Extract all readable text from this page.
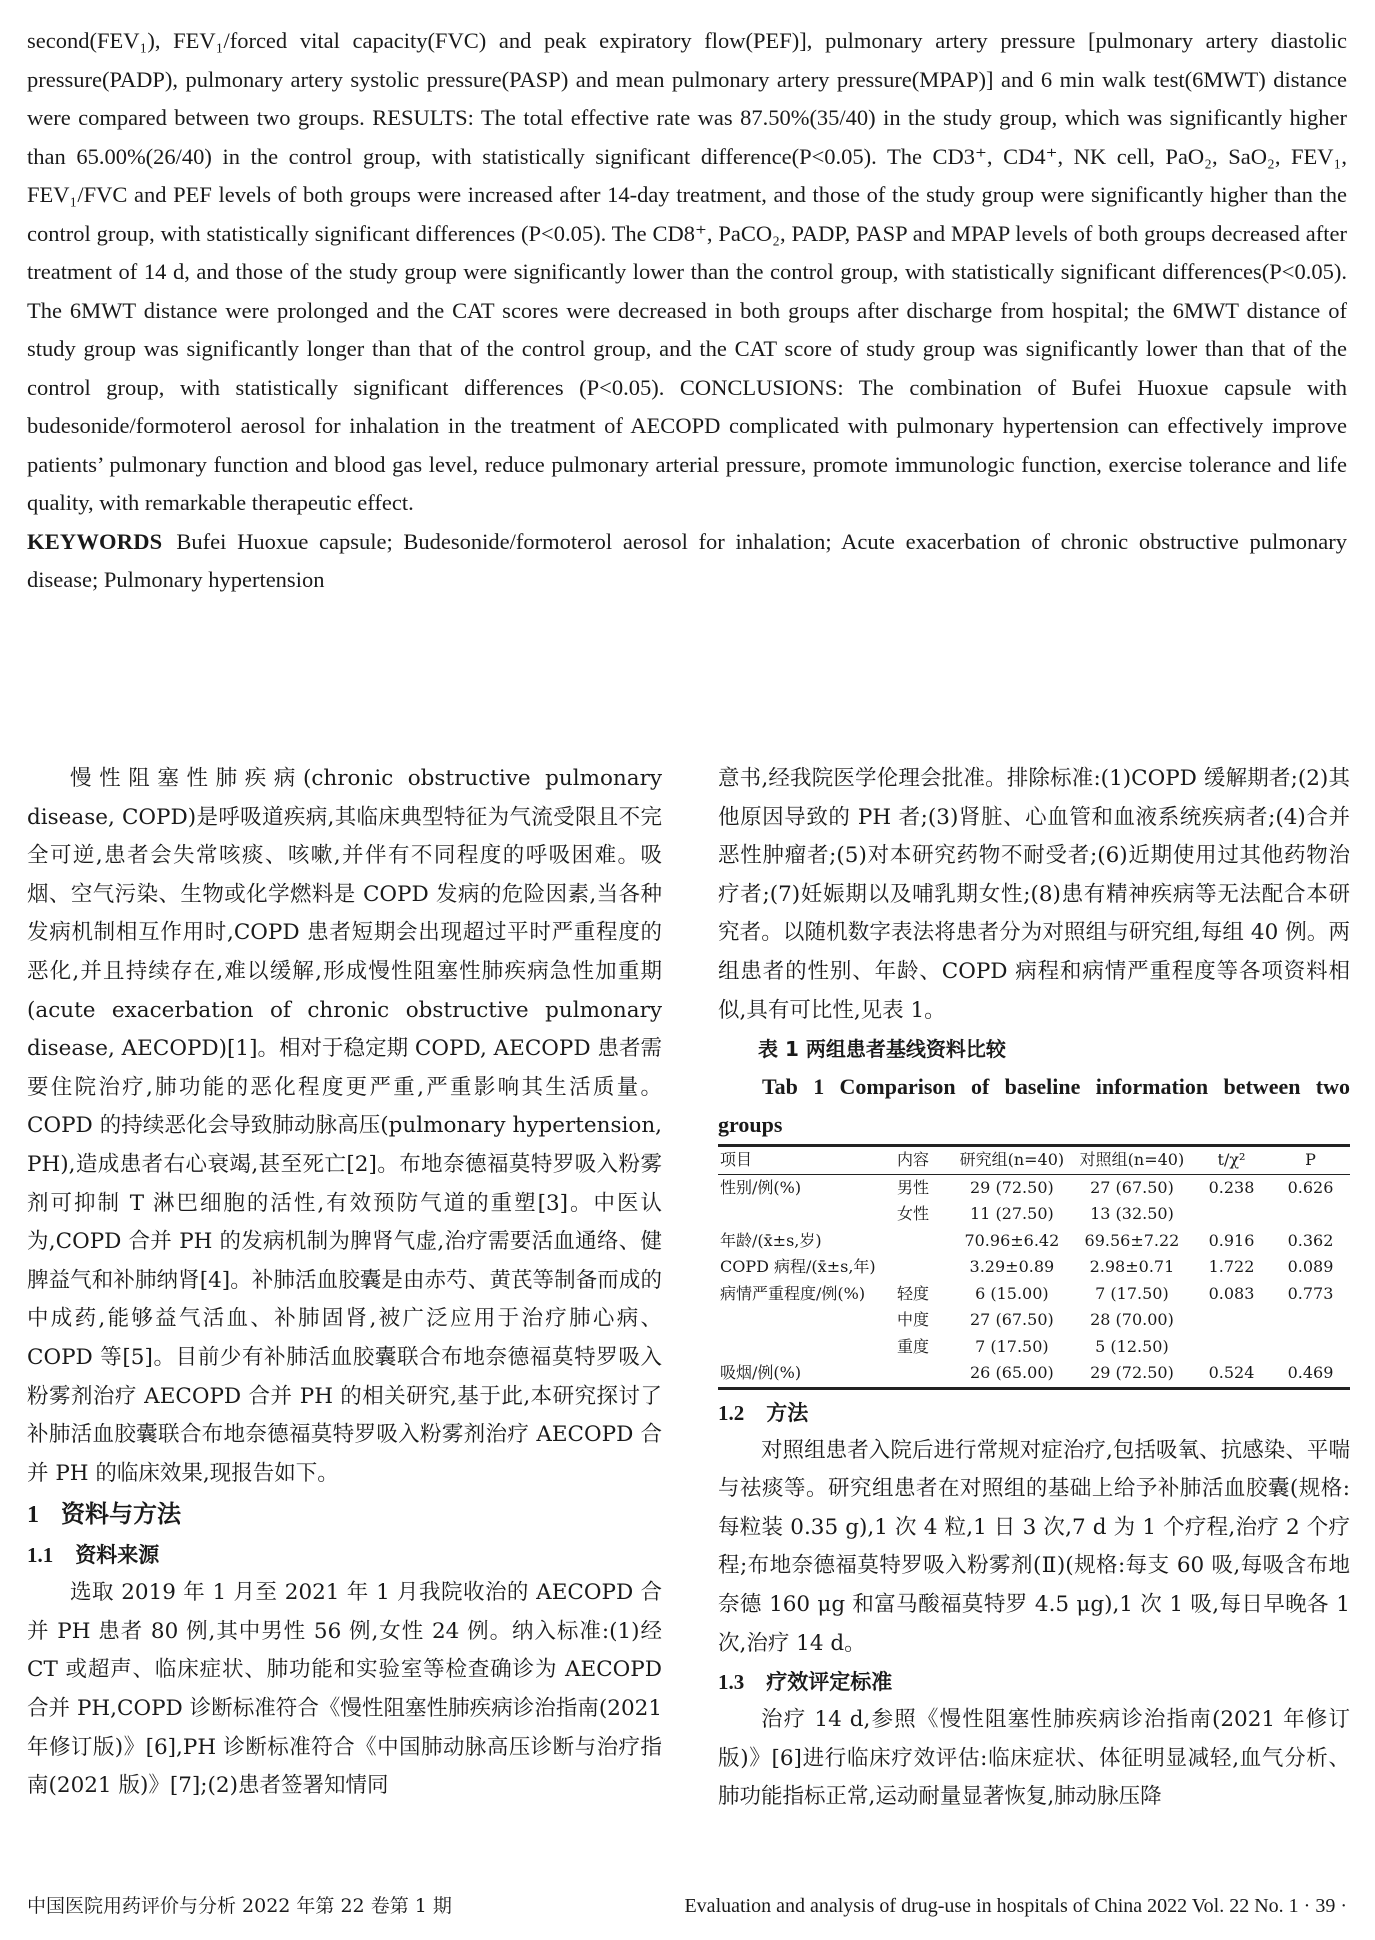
second(FEV₁), FEV₁/forced vital capacity(FVC) and peak expiratory flow(PEF)], pulmonary artery pressure [pulmonary artery diastolic pressure(PADP), pulmonary artery systolic pressure(PASP) and mean pulmonary artery pressure(MPAP)] and 6 min walk test(6MWT) distance were compared between two groups. RESULTS: The total effective rate was 87.50%(35/40) in the study group, which was significantly higher than 65.00%(26/40) in the control group, with statistically significant difference(P<0.05). The CD3⁺, CD4⁺, NK cell, PaO₂, SaO₂, FEV₁, FEV₁/FVC and PEF levels of both groups were increased after 14-day treatment, and those of the study group were significantly higher than the control group, with statistically significant differences (P<0.05). The CD8⁺, PaCO₂, PADP, PASP and MPAP levels of both groups decreased after treatment of 14 d, and those of the study group were significantly lower than the control group, with statistically significant differences(P<0.05). The 6MWT distance were prolonged and the CAT scores were decreased in both groups after discharge from hospital; the 6MWT distance of study group was significantly longer than that of the control group, and the CAT score of study group was significantly lower than that of the control group, with statistically significant differences (P<0.05). CONCLUSIONS: The combination of Bufei Huoxue capsule with budesonide/formoterol aerosol for inhalation in the treatment of AECOPD complicated with pulmonary hypertension can effectively improve patients’ pulmonary function and blood gas level, reduce pulmonary arterial pressure, promote immunologic function, exercise tolerance and life quality, with remarkable therapeutic effect.

KEYWORDS Bufei Huoxue capsule; Budesonide/formoterol aerosol for inhalation; Acute exacerbation of chronic obstructive pulmonary disease; Pulmonary hypertension

慢性阻塞性肺疾病(chronic obstructive pulmonary disease, COPD)是呼吸道疾病,其临床典型特征为气流受限且不完全可逆,患者会失常咳痰、咳嗽,并伴有不同程度的呼吸困难。吸烟、空气污染、生物或化学燃料是 COPD 发病的危险因素,当各种发病机制相互作用时,COPD 患者短期会出现超过平时严重程度的恶化,并且持续存在,难以缓解,形成慢性阻塞性肺疾病急性加重期(acute exacerbation of chronic obstructive pulmonary disease, AECOPD)[1]。相对于稳定期 COPD, AECOPD 患者需要住院治疗,肺功能的恶化程度更严重,严重影响其生活质量。COPD 的持续恶化会导致肺动脉高压(pulmonary hypertension, PH),造成患者右心衰竭,甚至死亡[2]。布地奈德福莫特罗吸入粉雾剂可抑制 T 淋巴细胞的活性,有效预防气道的重塑[3]。中医认为,COPD 合并 PH 的发病机制为脾肾气虚,治疗需要活血通络、健脾益气和补肺纳肾[4]。补肺活血胶囊是由赤芍、黄芪等制备而成的中成药,能够益气活血、补肺固肾,被广泛应用于治疗肺心病、COPD 等[5]。目前少有补肺活血胶囊联合布地奈德福莫特罗吸入粉雾剂治疗 AECOPD 合并 PH 的相关研究,基于此,本研究探讨了补肺活血胶囊联合布地奈德福莫特罗吸入粉雾剂治疗 AECOPD 合并 PH 的临床效果,现报告如下。

1 资料与方法
1.1 资料来源

选取 2019 年 1 月至 2021 年 1 月我院收治的 AECOPD 合并 PH 患者 80 例,其中男性 56 例,女性 24 例。纳入标准:(1)经 CT 或超声、临床症状、肺功能和实验室等检查确诊为 AECOPD 合并 PH,COPD 诊断标准符合《慢性阻塞性肺疾病诊治指南(2021 年修订版)》[6],PH 诊断标准符合《中国肺动脉高压诊断与治疗指南(2021 版)》[7];(2)患者签署知情同

意书,经我院医学伦理会批准。排除标准:(1)COPD 缓解期者;(2)其他原因导致的 PH 者;(3)肾脏、心血管和血液系统疾病者;(4)合并恶性肿瘤者;(5)对本研究药物不耐受者;(6)近期使用过其他药物治疗者;(7)妊娠期以及哺乳期女性;(8)患有精神疾病等无法配合本研究者。以随机数字表法将患者分为对照组与研究组,每组 40 例。两组患者的性别、年龄、COPD 病程和病情严重程度等各项资料相似,具有可比性,见表 1。

表 1 两组患者基线资料比较

Tab 1 Comparison of baseline information between two groups

项目	内容	研究组(n=40)	对照组(n=40)	t/χ²	P
性别/例(%)	男性	29 (72.50)	27 (67.50)	0.238	0.626
	女性	11 (27.50)	13 (32.50)		
年龄/(x̄±s,岁)		70.96±6.42	69.56±7.22	0.916	0.362
COPD 病程/(x̄±s,年)		3.29±0.89	2.98±0.71	1.722	0.089
病情严重程度/例(%)	轻度	6 (15.00)	7 (17.50)	0.083	0.773
	中度	27 (67.50)	28 (70.00)		
	重度	7 (17.50)	5 (12.50)		
吸烟/例(%)		26 (65.00)	29 (72.50)	0.524	0.469
1.2 方法

对照组患者入院后进行常规对症治疗,包括吸氧、抗感染、平喘与祛痰等。研究组患者在对照组的基础上给予补肺活血胶囊(规格:每粒装 0.35 g),1 次 4 粒,1 日 3 次,7 d 为 1 个疗程,治疗 2 个疗程;布地奈德福莫特罗吸入粉雾剂(Ⅱ)(规格:每支 60 吸,每吸含布地奈德 160 μg 和富马酸福莫特罗 4.5 μg),1 次 1 吸,每日早晚各 1 次,治疗 14 d。

1.3 疗效评定标准

治疗 14 d,参照《慢性阻塞性肺疾病诊治指南(2021 年修订版)》[6]进行临床疗效评估:临床症状、体征明显减轻,血气分析、肺功能指标正常,运动耐量显著恢复,肺动脉压降

中国医院用药评价与分析 2022 年第 22 卷第 1 期	Evaluation and analysis of drug-use in hospitals of China 2022 Vol. 22 No. 1 · 39 ·
